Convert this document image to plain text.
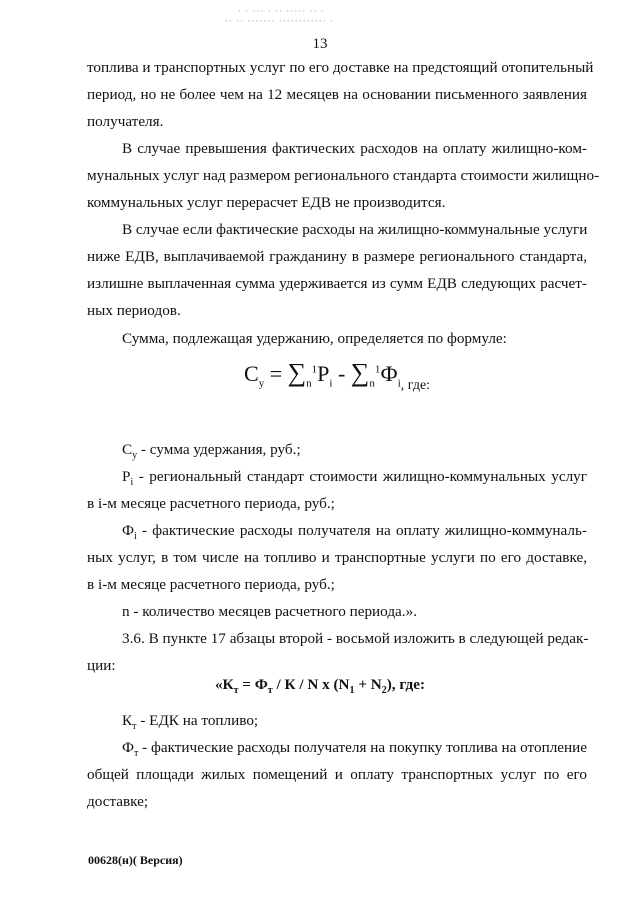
· · ··· · ·· ····· ·· ·
·· ·· ······· ············ ·
13
топлива и транспортных услуг по его доставке на предстоящий отопительный
период, но не более чем на 12 месяцев на основании письменного заявления
получателя.
В случае превышения фактических расходов на оплату жилищно-ком-
мунальных услуг над размером регионального стандарта стоимости жилищно-
коммунальных услуг перерасчет ЕДВ не производится.
В случае если фактические расходы на жилищно-коммунальные услуги
ниже ЕДВ, выплачиваемой гражданину в размере регионального стандарта,
излишне выплаченная сумма удерживается из сумм ЕДВ следующих расчет-
ных периодов.
Сумма, подлежащая удержанию, определяется по формуле:
$C_у = \sum_n^1P_i - \sum_n^1Ф_{i, где:}$
$C_у$ - сумма удержания, руб.;
$P_i$ - региональный стандарт стоимости жилищно-коммунальных услуг
в i-м месяце расчетного периода, руб.;
$Ф_i$ - фактические расходы получателя на оплату жилищно-коммуналь-
ных услуг, в том числе на топливо и транспортные услуги по его доставке,
в i-м месяце расчетного периода, руб.;
n - количество месяцев расчетного периода.».
3.6. В пункте 17 абзацы второй - восьмой изложить в следующей редак-
ции:
«$К_т = Ф_т / К / N$ x $(N_1 + N_2)$, где:
$К_т$ - ЕДК на топливо;
$Ф_т$ - фактические расходы получателя на покупку топлива на отопление
общей площади жилых помещений и оплату транспортных услуг по его
доставке;
00628(н)( Версия)
